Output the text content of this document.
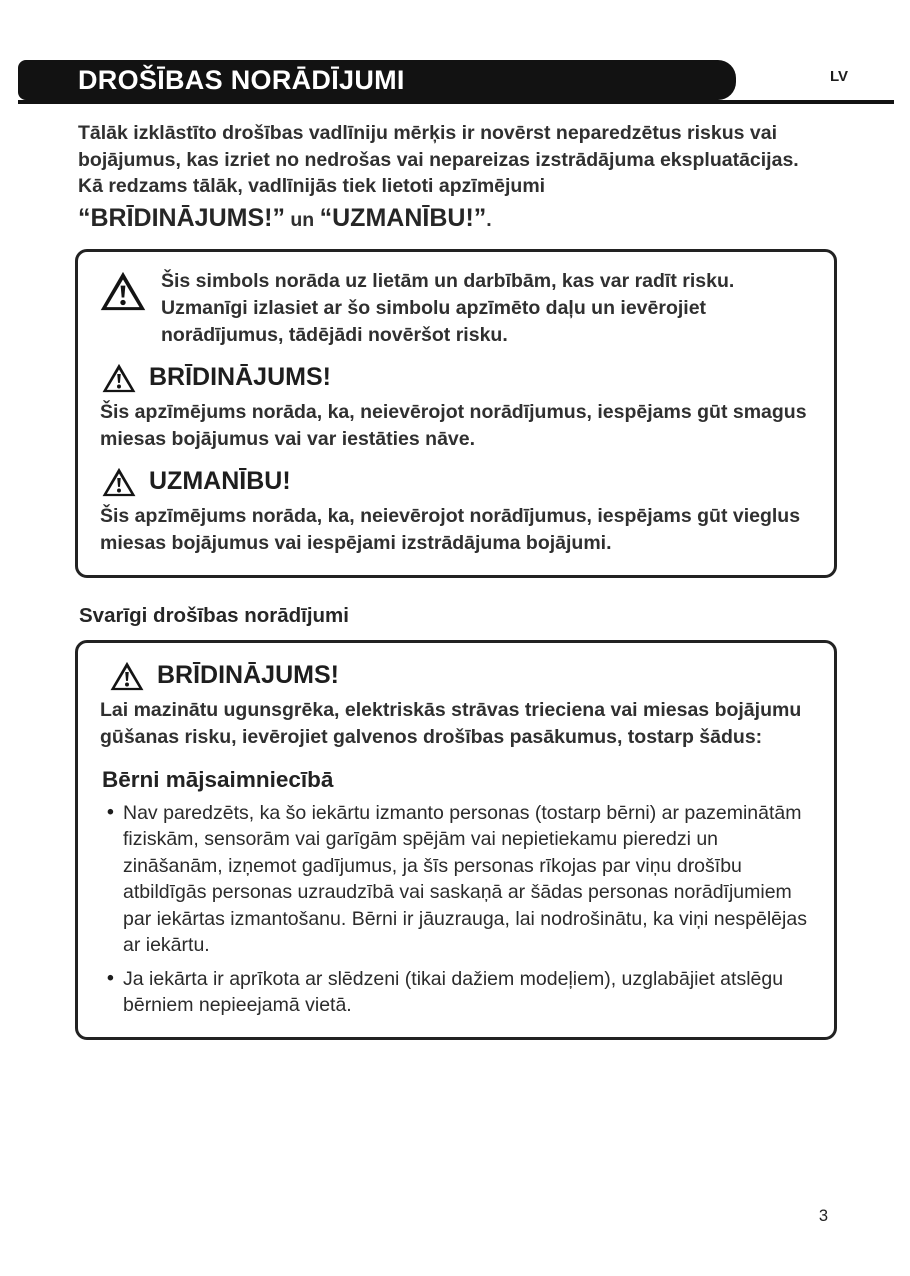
DROŠĪBAS NORĀDĪJUMI	LV

Tālāk izklāstīto drošības vadlīniju mērķis ir novērst neparedzētus riskus vai bojājumus, kas izriet no nedrošas vai nepareizas izstrādājuma ekspluatācijas.

Kā redzams tālāk, vadlīnijās tiek lietoti apzīmējumi

“BRĪDINĀJUMS!” un “UZMANĪBU!”.

Šis simbols norāda uz lietām un darbībām, kas var radīt risku. Uzmanīgi izlasiet ar šo simbolu apzīmēto daļu un ievērojiet norādījumus, tādējādi novēršot risku.

BRĪDINĀJUMS!

Šis apzīmējums norāda, ka, neievērojot norādījumus, iespējams gūt smagus miesas bojājumus vai var iestāties nāve.

UZMANĪBU!

Šis apzīmējums norāda, ka, neievērojot norādījumus, iespējams gūt vieglus miesas bojājumus vai iespējami izstrādājuma bojājumi.

Svarīgi drošības norādījumi
BRĪDINĀJUMS!

Lai mazinātu ugunsgrēka, elektriskās strāvas trieciena vai miesas bojājumu gūšanas risku, ievērojiet galvenos drošības pasākumus, tostarp šādus:

Bērni mājsaimniecībā
• Nav paredzēts, ka šo iekārtu izmanto personas (tostarp bērni) ar pazeminātām fiziskām, sensorām vai garīgām spējām vai nepietiekamu pieredzi un zināšanām, izņemot gadījumus, ja šīs personas rīkojas par viņu drošību atbildīgās personas uzraudzībā vai saskaņā ar šādas personas norādījumiem par iekārtas izmantošanu. Bērni ir jāuzrauga, lai nodrošinātu, ka viņi nespēlējas ar iekārtu.
• Ja iekārta ir aprīkota ar slēdzeni (tikai dažiem modeļiem), uzglabājiet atslēgu bērniem nepieejamā vietā.
3
